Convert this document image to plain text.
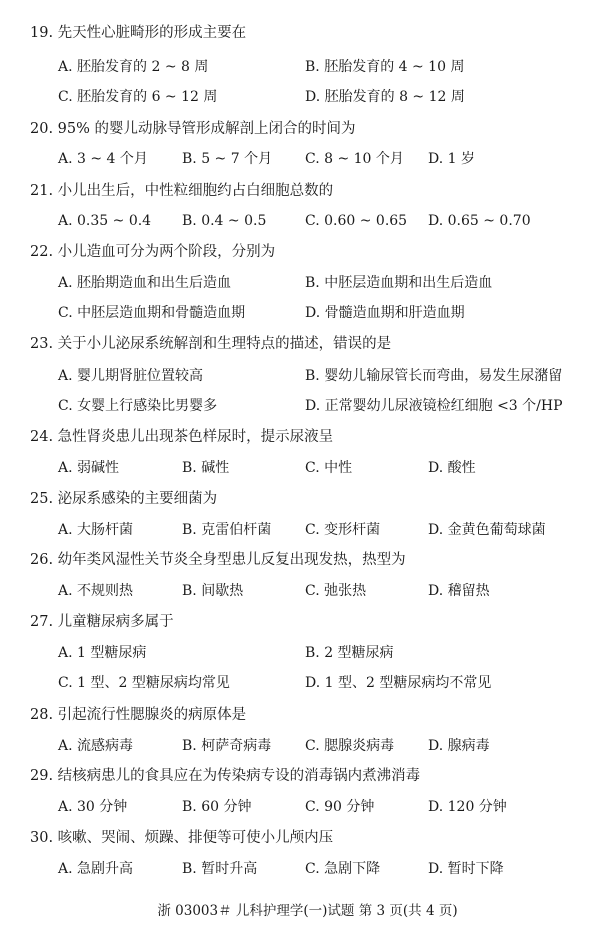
19. 先天性心脏畸形的形成主要在
A. 胚胎发育的 2 ~ 8 周	B. 胚胎发育的 4 ~ 10 周
C. 胚胎发育的 6 ~ 12 周	D. 胚胎发育的 8 ~ 12 周
20. 95% 的婴儿动脉导管形成解剖上闭合的时间为
A. 3 ~ 4 个月 B. 5 ~ 7 个月 C. 8 ~ 10 个月 D. 1 岁
21. 小儿出生后，中性粒细胞约占白细胞总数的
A. 0.35 ~ 0.4 B. 0.4 ~ 0.5	C. 0.60 ~ 0.65 D. 0.65 ~ 0.70
22. 小儿造血可分为两个阶段，分别为
A. 胚胎期造血和出生后造血	B. 中胚层造血期和出生后造血
C. 中胚层造血期和骨髓造血期	D. 骨髓造血期和肝造血期
23. 关于小儿泌尿系统解剖和生理特点的描述，错误的是
A. 婴儿期肾脏位置较高	B. 婴幼儿输尿管长而弯曲，易发生尿潴留
C. 女婴上行感染比男婴多	D. 正常婴幼儿尿液镜检红细胞 <3 个/HP
24. 急性肾炎患儿出现茶色样尿时，提示尿液呈
A. 弱碱性	B. 碱性	C. 中性	D. 酸性
25. 泌尿系感染的主要细菌为
A. 大肠杆菌	B. 克雷伯杆菌 C. 变形杆菌	D. 金黄色葡萄球菌
26. 幼年类风湿性关节炎全身型患儿反复出现发热，热型为
A. 不规则热	B. 间歇热	C. 弛张热	D. 稽留热
27. 儿童糖尿病多属于
A. 1 型糖尿病	B. 2 型糖尿病
C. 1 型、2 型糖尿病均常见	D. 1 型、2 型糖尿病均不常见
28. 引起流行性腮腺炎的病原体是
A. 流感病毒	B. 柯萨奇病毒 C. 腮腺炎病毒 D. 腺病毒
29. 结核病患儿的食具应在为传染病专设的消毒锅内煮沸消毒
A. 30 分钟	B. 60 分钟	C. 90 分钟	D. 120 分钟
30. 咳嗽、哭闹、烦躁、排便等可使小儿颅内压
A. 急剧升高	B. 暂时升高	C. 急剧下降	D. 暂时下降
浙 03003＃ 儿科护理学(一)试题 第 3 页(共 4 页)
